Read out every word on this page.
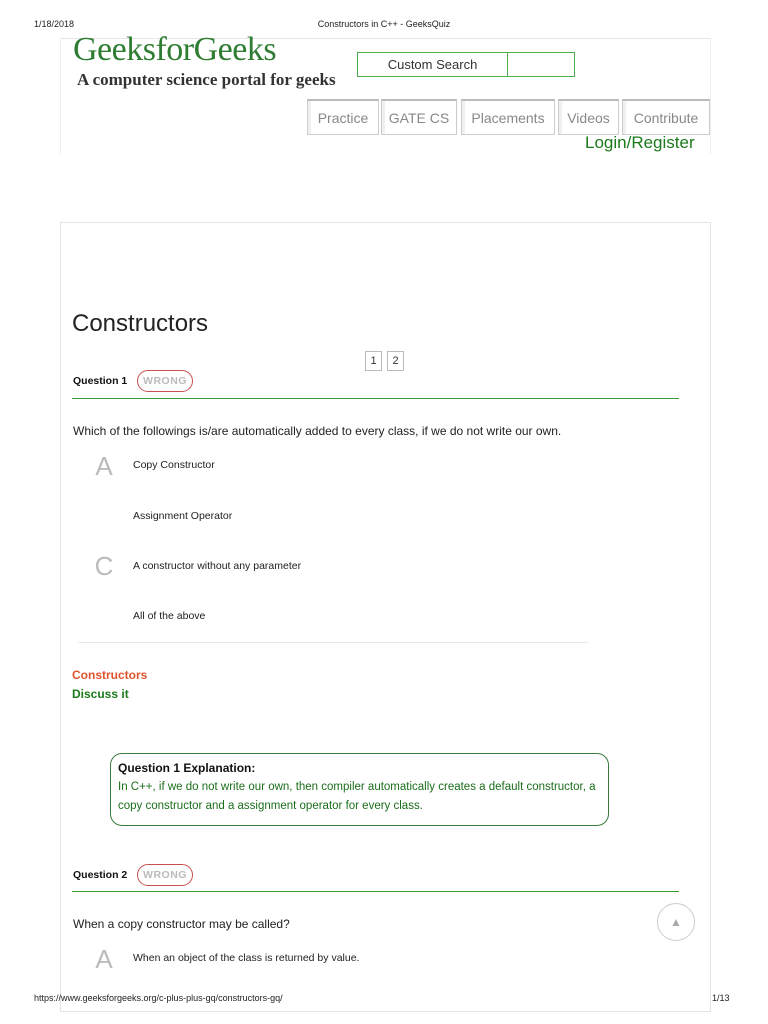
1/18/2018	Constructors in C++ - GeeksQuiz
GeeksforGeeks
A computer science portal for geeks
Custom Search
Practice	GATE CS	Placements	Videos	Contribute
Login/Register
Constructors
1	2
Question 1	WRONG
Which of the followings is/are automatically added to every class, if we do not write our own.
A Copy Constructor
Assignment Operator
C A constructor without any parameter
All of the above
Constructors
Discuss it
Question 1 Explanation:
In C++, if we do not write our own, then compiler automatically creates a default constructor, a copy constructor and a assignment operator for every class.
Question 2	WRONG
When a copy constructor may be called?
A When an object of the class is returned by value.
▲
https://www.geeksforgeeks.org/c-plus-plus-gq/constructors-gq/	1/13
